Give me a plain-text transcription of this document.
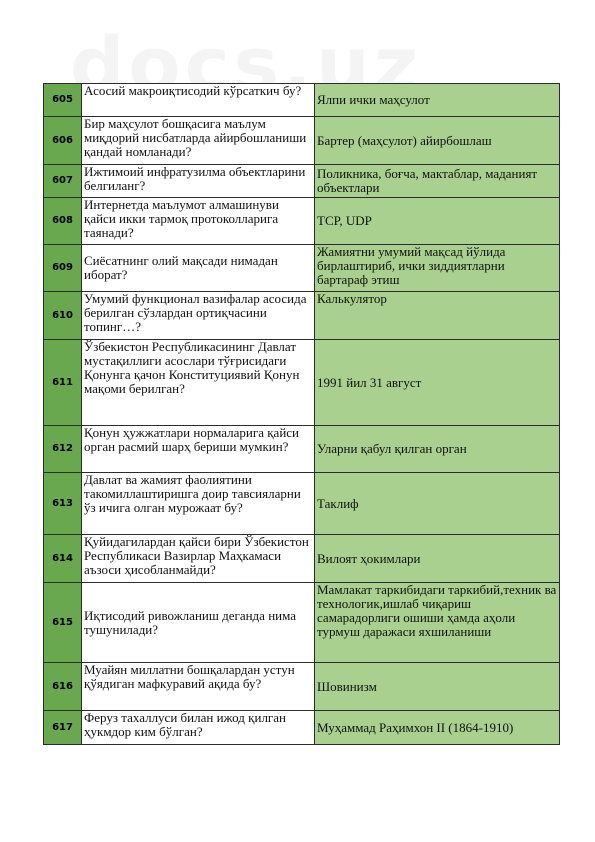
605	Асосий макроиқтисодий кўрсаткич бу?	Ялпи ички маҳсулот
606	Бир маҳсулот бошқасига маълум миқдорий нисбатларда айирбошланиши қандай номланади?	Бартер (маҳсулот) айирбошлаш
607	Ижтимоий инфратузилма объектларини белгиланг?	Поликника, боғча, мактаблар, маданият объектлари
608	Интернетда маълумот алмашинуви қайси икки тармоқ протоколларига таянади?	TCP, UDP
609	Сиёсатнинг олий мақсади нимадан иборат?	Жамиятни умумий мақсад йўлида бирлаштириб, ички зиддиятларни бартараф этиш
610	Умумий функционал вазифалар асосида берилган сўзлардан ортиқчасини топинг…?	Калькулятор
611	Ўзбекистон Республикасининг Давлат мустақиллиги асослари тўғрисидаги Қонунга қачон Конституциявий Қонун мақоми берилган?	1991 йил 31 август
612	Қонун ҳужжатлари нормаларига қайси орган расмий шарҳ бериши мумкин?	Уларни қабул қилган орган
613	Давлат ва жамият фаолиятини такомиллаштиришга доир тавсияларни ўз ичига олган мурожаат бу?	Таклиф
614	Қуйидагилардан қайси бири Ўзбекистон Республикаси Вазирлар Маҳкамаси аъзоси ҳисобланмайди?	Вилоят ҳокимлари
615	Иқтисодий ривожланиш деганда нима тушунилади?	Мамлакат таркибидаги таркибий,техник ва технологик,ишлаб чиқариш самарадорлиги ошиши ҳамда аҳоли турмуш даражаси яхшиланиши
616	Муайян миллатни бошқалардан устун қўядиган мафкуравий ақида бу?	Шовинизм
617	Феруз тахаллуси билан ижод қилган ҳукмдор ким бўлган?	Муҳаммад Раҳимхон II (1864-1910)
